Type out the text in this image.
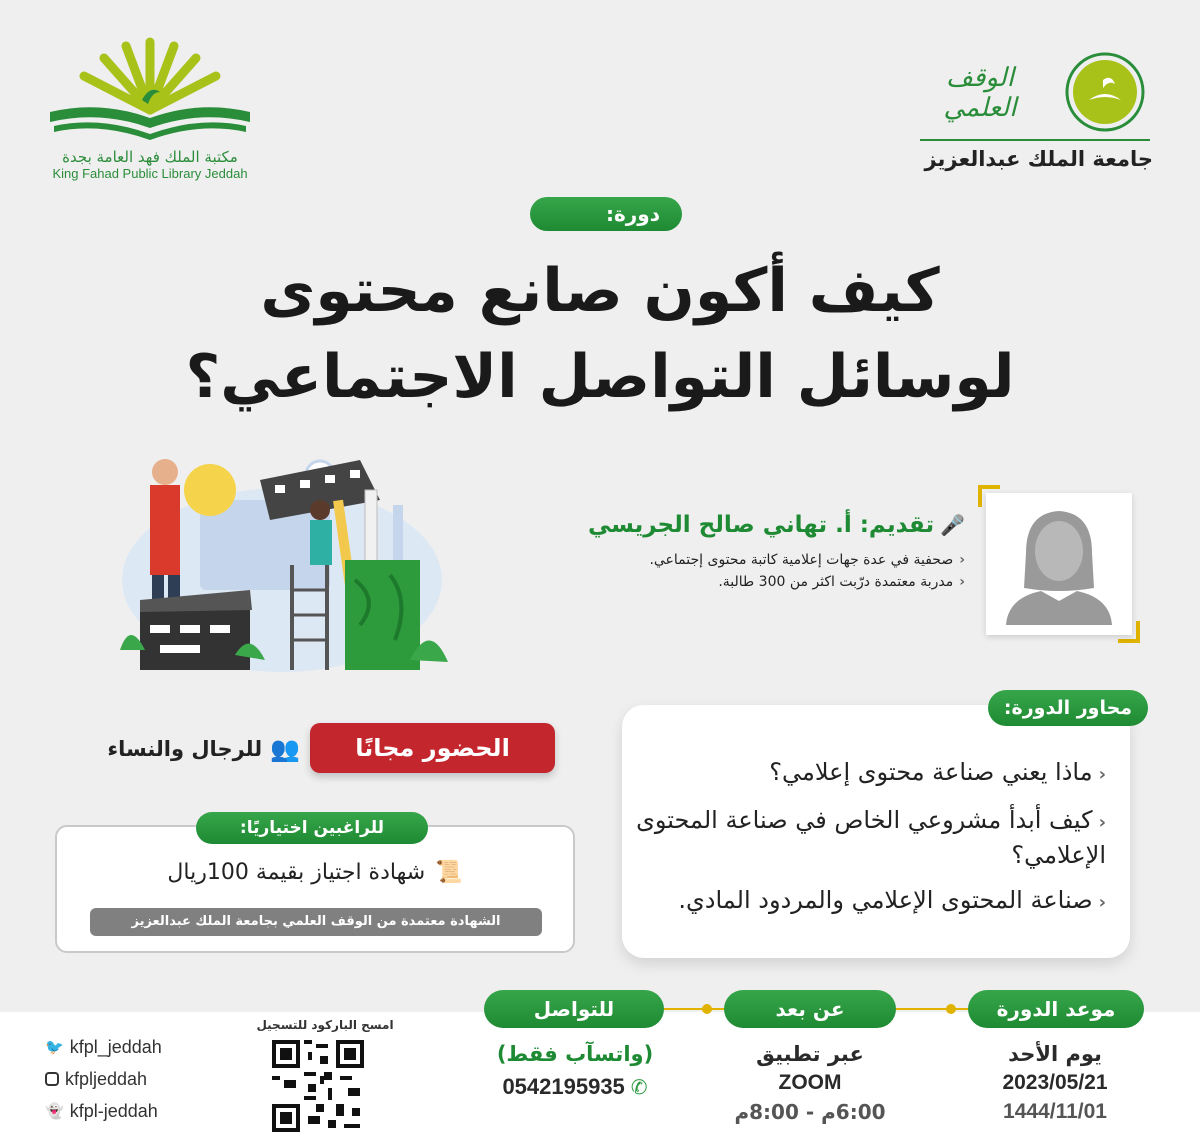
مكتبة الملك فهد العامة بجدة
King Fahad Public Library Jeddah
الوقف العلمي
جامعة الملك عبدالعزيز
دورة:
كيف أكون صانع محتوى
لوسائل التواصل الاجتماعي؟
🎤
تقديم: أ. تهاني صالح الجريسي
‹صحفية في عدة جهات إعلامية كاتبة محتوى إجتماعي.
‹مدربة معتمدة درّبت اكثر من 300 طالبة.
‹ماذا يعني صناعة محتوى إعلامي؟
‹كيف أبدأ مشروعي الخاص في صناعة المحتوى الإعلامي؟
‹صناعة المحتوى الإعلامي والمردود المادي.
محاور الدورة:
الحضور مجانًا
👥
للرجال والنساء
للراغبين اختياريًا:
📜
شهادة اجتياز بقيمة 100ريال
الشهادة معتمدة من الوقف العلمي بجامعة الملك عبدالعزيز
موعد الدورة
يوم الأحد
2023/05/21
1444/11/01
عن بعد
عبر تطبيق
ZOOM
6:00م - 8:00م
للتواصل
(واتسآب فقط)
✆
0542195935
امسح الباركود للتسجيل
🐦 kfpl_jeddah
kfpljeddah
👻 kfpl-jeddah
